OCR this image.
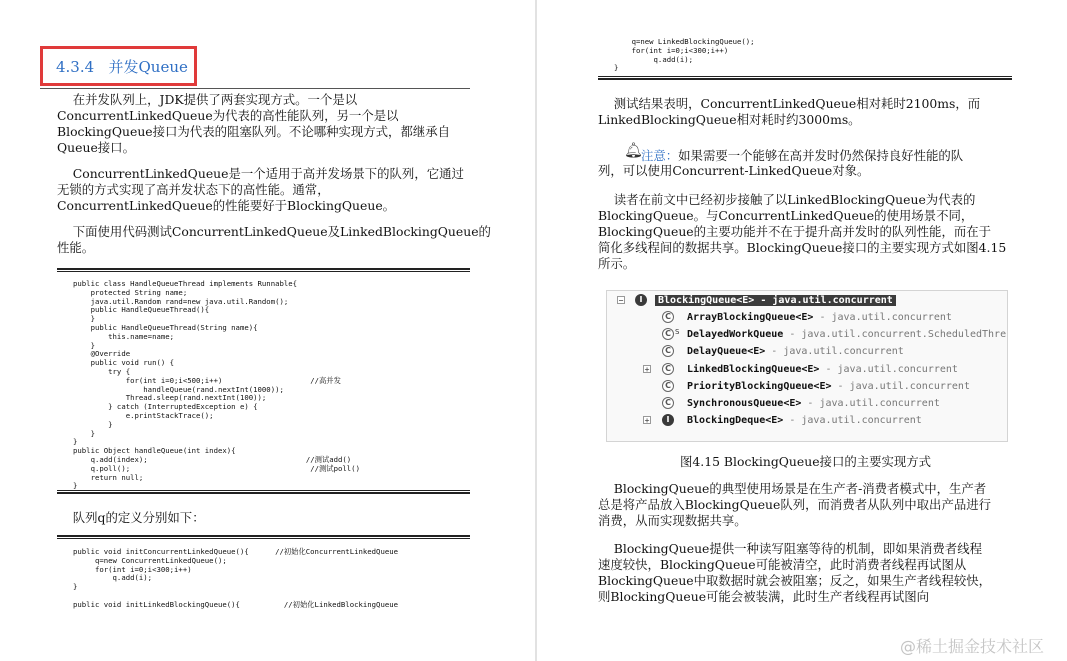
4.3.4 并发Queue
在并发队列上，JDK提供了两套实现方式。一个是以
ConcurrentLinkedQueue为代表的高性能队列，另一个是以
BlockingQueue接口为代表的阻塞队列。不论哪种实现方式，都继承自
Queue接口。
ConcurrentLinkedQueue是一个适用于高并发场景下的队列，它通过
无锁的方式实现了高并发状态下的高性能。通常，
ConcurrentLinkedQueue的性能要好于BlockingQueue。
下面使用代码测试ConcurrentLinkedQueue及LinkedBlockingQueue的
性能。
public class HandleQueueThread implements Runnable{
protected String name;
java.util.Random rand=new java.util.Random();
public HandleQueueThread(){
}
public HandleQueueThread(String name){
this.name=name;
}
@Override
public void run() {
try {
for(int i=0;i<500;i++)                    //高并发
handleQueue(rand.nextInt(1000));
Thread.sleep(rand.nextInt(100));
} catch (InterruptedException e) {
e.printStackTrace();
}
}
}
public Object handleQueue(int index){
q.add(index);                                    //测试add()
q.poll();                                         //测试poll()
return null;
}
队列q的定义分别如下：
public void initConcurrentLinkedQueue(){      //初始化ConcurrentLinkedQueue
q=new ConcurrentLinkedQueue();
for(int i=0;i<300;i++)
q.add(i);
}

public void initLinkedBlockingQueue(){          //初始化LinkedBlockingQueue
q=new LinkedBlockingQueue();
for(int i=0;i<300;i++)
q.add(i);
}
测试结果表明，ConcurrentLinkedQueue相对耗时2100ms，而
LinkedBlockingQueue相对耗时约3000ms。
🔔︎
注意：如果需要一个能够在高并发时仍然保持良好性能的队
列，可以使用Concurrent-LinkedQueue对象。
读者在前文中已经初步接触了以LinkedBlockingQueue为代表的
BlockingQueue。与ConcurrentLinkedQueue的使用场景不同，
BlockingQueue的主要功能并不在于提升高并发时的队列性能，而在于
简化多线程间的数据共享。BlockingQueue接口的主要实现方式如图4.15
所示。
−	I	BlockingQueue<E> - java.util.concurrent
C	ArrayBlockingQueue<E> - java.util.concurrent
C S DelayedWorkQueue - java.util.concurrent.ScheduledThre
C	DelayQueue<E> - java.util.concurrent
+	C	LinkedBlockingQueue<E> - java.util.concurrent
C	PriorityBlockingQueue<E> - java.util.concurrent
C	SynchronousQueue<E> - java.util.concurrent
+	I	BlockingDeque<E> - java.util.concurrent
图4.15 BlockingQueue接口的主要实现方式
BlockingQueue的典型使用场景是在生产者-消费者模式中，生产者
总是将产品放入BlockingQueue队列，而消费者从队列中取出产品进行
消费，从而实现数据共享。
BlockingQueue提供一种读写阻塞等待的机制，即如果消费者线程
速度较快，BlockingQueue可能被清空，此时消费者线程再试图从
BlockingQueue中取数据时就会被阻塞；反之，如果生产者线程较快，
则BlockingQueue可能会被装满，此时生产者线程再试图向
@稀土掘金技术社区
